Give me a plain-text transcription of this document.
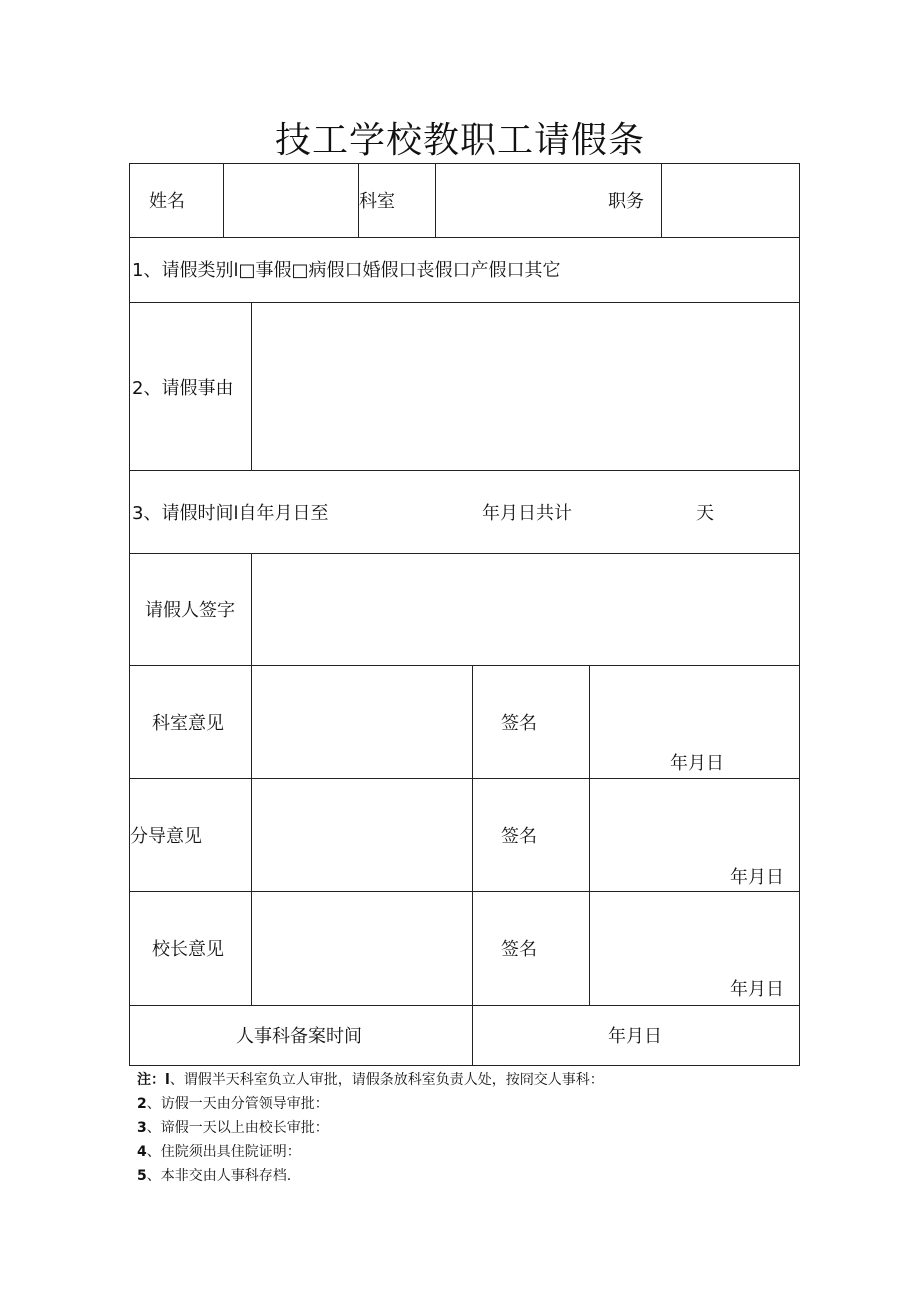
技工学校教职工请假条
姓名	科室	职务
1、请假类别l□事假□病假口婚假口丧假口产假口其它
2、请假事由
3、请假时间l自年月日至	年月日共计	天
请假人签字
科室意见	签名
年月日
分导意见	签名
年月日
校长意见	签名
年月日
人事科备案时间	年月日
注：l、谓假半天科室负立人审批，请假条放科室负责人处，按冏交人事科：
2、访假一天由分管领导审批：
3、谛假一天以上由校长审批：
4、住院须出具住院证明：
5、本非交由人事科存档.
